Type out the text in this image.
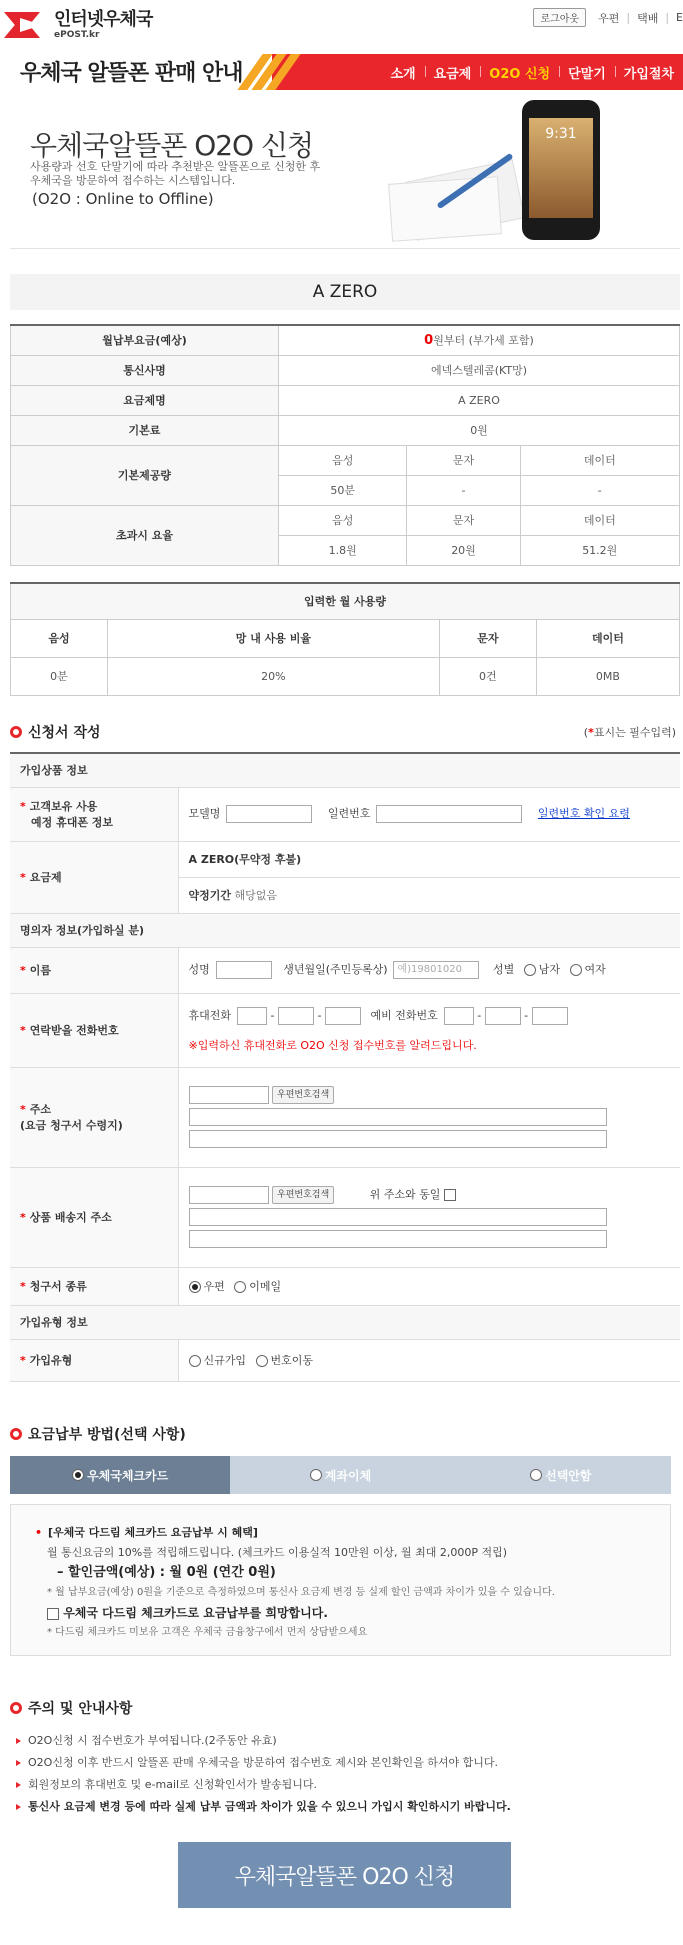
인터넷우체국
ePOST.kr
로그아웃	우편 | 택배 | E
우체국 알뜰폰 판매 안내	소개	요금제	O2O 신청	단말기	가입절차
우체국알뜰폰 O2O 신청
사용량과 선호 단말기에 따라 추천받은 알뜰폰으로 신청한 후
우체국을 방문하여 접수하는 시스템입니다.
(O2O : Online to Offline)
9:31
A ZERO
월납부요금(예상)	0원부터 (부가세 포함)		
통신사명	에넥스텔레콤(KT망)		
요금제명	A ZERO		
기본료	0원		
기본제공량	음성	문자	데이터
	50분	-	-
초과시 요율	음성	문자	데이터
	1.8원	20원	51.2원
입력한 월 사용량			
음성	망 내 사용 비율	문자	데이터
0분	20%	0건	0MB
신청서 작성	(*표시는 필수입력)
가입상품 정보	
* 고객보유 사용
예정 휴대폰 정보	모델명 일련번호 일련번호 확인 요령
* 요금제	A ZERO(무약정 후불)
약정기간 해당없음

명의자 정보(가입하실 분)	
* 이름	성명 생년월일(주민등록상) 예)19801020 성별 남자 여자
* 연락받을 전화번호	휴대전화 - - 예비 전화번호 - -
※입력하신 휴대전화로 O2O 신청 접수번호를 알려드립니다.

* 주소
(요금 청구서 수령지)	우편번호검색

* 상품 배송지 주소	우편번호검색 위 주소와 동일

* 청구서 종류	우편 이메일
가입유형 정보	
* 가입유형	신규가입 번호이동
요금납부 방법(선택 사항)
우체국체크카드	계좌이체	선택안함
• [우체국 다드림 체크카드 요금납부 시 혜택]
월 통신요금의 10%를 적립해드립니다. (체크카드 이용실적 10만원 이상, 월 최대 2,000P 적립)
– 할인금액(예상) : 월 0원 (연간 0원)
* 월 납부요금(예상) 0원을 기준으로 측정하였으며 통신사 요금제 변경 등 실제 할인 금액과 차이가 있을 수 있습니다.
우체국 다드림 체크카드로 요금납부를 희망합니다.
* 다드림 체크카드 미보유 고객은 우체국 금융창구에서 먼저 상담받으세요
주의 및 안내사항
O2O신청 시 접수번호가 부여됩니다.(2주동안 유효)
O2O신청 이후 반드시 알뜰폰 판매 우체국을 방문하여 접수번호 제시와 본인확인을 하셔야 합니다.
회원정보의 휴대번호 및 e-mail로 신청확인서가 발송됩니다.
통신사 요금제 변경 등에 따라 실제 납부 금액과 차이가 있을 수 있으니 가입시 확인하시기 바랍니다.
우체국알뜰폰 O2O 신청
